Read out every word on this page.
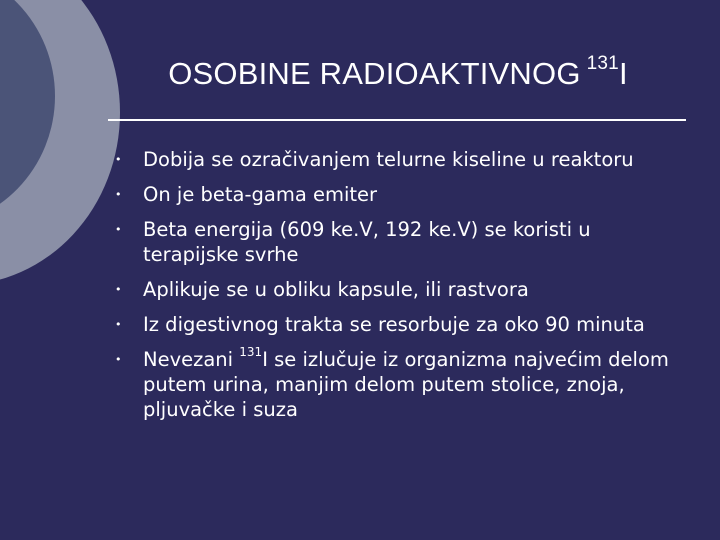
OSOBINE RADIOAKTIVNOG $^{131}$I
• Dobija se ozračivanjem telurne kiseline u reaktoru
• On je beta-gama emiter
• Beta energija (609 ke.V, 192 ke.V) se koristi u terapijske svrhe
• Aplikuje se u obliku kapsule, ili rastvora
• Iz digestivnog trakta se resorbuje za oko 90 minuta
• Nevezani $^{131}$I se izlučuje iz organizma najvećim delom putem urina, manjim delom putem stolice, znoja, pljuvačke i suza
